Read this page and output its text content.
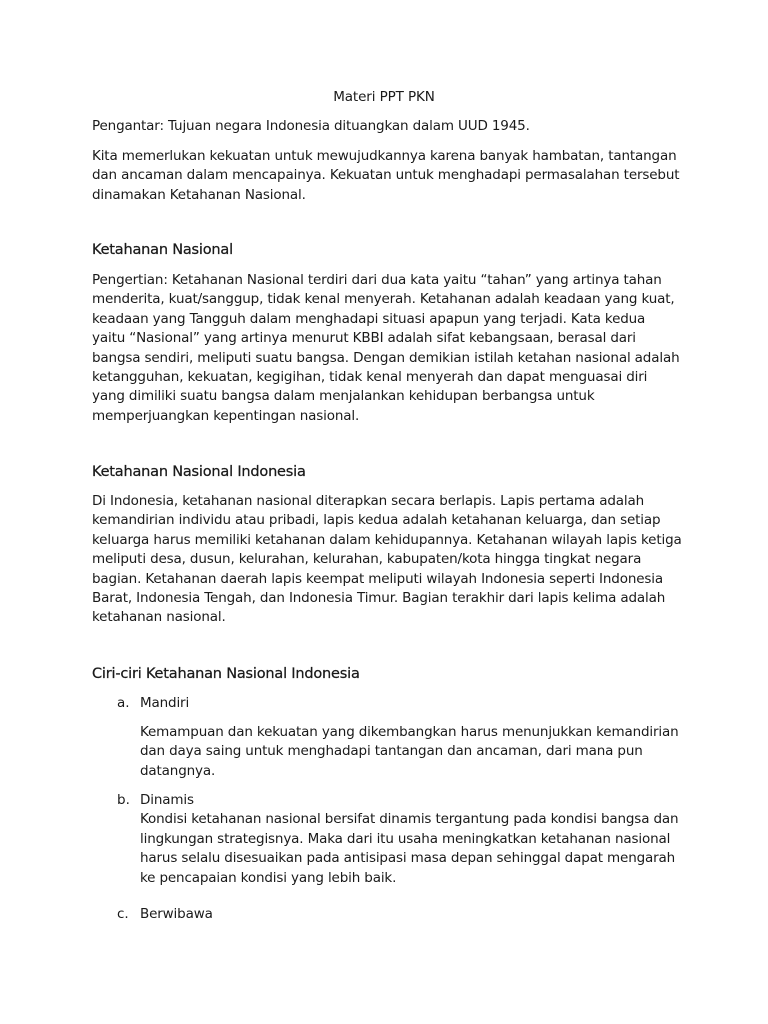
Materi PPT PKN

Pengantar: Tujuan negara Indonesia dituangkan dalam UUD 1945.

Kita memerlukan kekuatan untuk mewujudkannya karena banyak hambatan, tantangan dan ancaman dalam mencapainya. Kekuatan untuk menghadapi permasalahan tersebut dinamakan Ketahanan Nasional.

Ketahanan Nasional

Pengertian: Ketahanan Nasional terdiri dari dua kata yaitu “tahan” yang artinya tahan menderita, kuat/sanggup, tidak kenal menyerah. Ketahanan adalah keadaan yang kuat, keadaan yang Tangguh dalam menghadapi situasi apapun yang terjadi. Kata kedua yaitu “Nasional” yang artinya menurut KBBI adalah sifat kebangsaan, berasal dari bangsa sendiri, meliputi suatu bangsa. Dengan demikian istilah ketahan nasional adalah ketangguhan, kekuatan, kegigihan, tidak kenal menyerah dan dapat menguasai diri yang dimiliki suatu bangsa dalam menjalankan kehidupan berbangsa untuk memperjuangkan kepentingan nasional.

Ketahanan Nasional Indonesia

Di Indonesia, ketahanan nasional diterapkan secara berlapis. Lapis pertama adalah kemandirian individu atau pribadi, lapis kedua adalah ketahanan keluarga, dan setiap keluarga harus memiliki ketahanan dalam kehidupannya. Ketahanan wilayah lapis ketiga meliputi desa, dusun, kelurahan, kelurahan, kabupaten/kota hingga tingkat negara bagian. Ketahanan daerah lapis keempat meliputi wilayah Indonesia seperti Indonesia Barat, Indonesia Tengah, dan Indonesia Timur. Bagian terakhir dari lapis kelima adalah ketahanan nasional.

Ciri-ciri Ketahanan Nasional Indonesia
a. Mandiri

Kemampuan dan kekuatan yang dikembangkan harus menunjukkan kemandirian dan daya saing untuk menghadapi tantangan dan ancaman, dari mana pun datangnya.

b. Dinamis

Kondisi ketahanan nasional bersifat dinamis tergantung pada kondisi bangsa dan lingkungan strategisnya. Maka dari itu usaha meningkatkan ketahanan nasional harus selalu disesuaikan pada antisipasi masa depan sehinggal dapat mengarah ke pencapaian kondisi yang lebih baik.

c. Berwibawa
